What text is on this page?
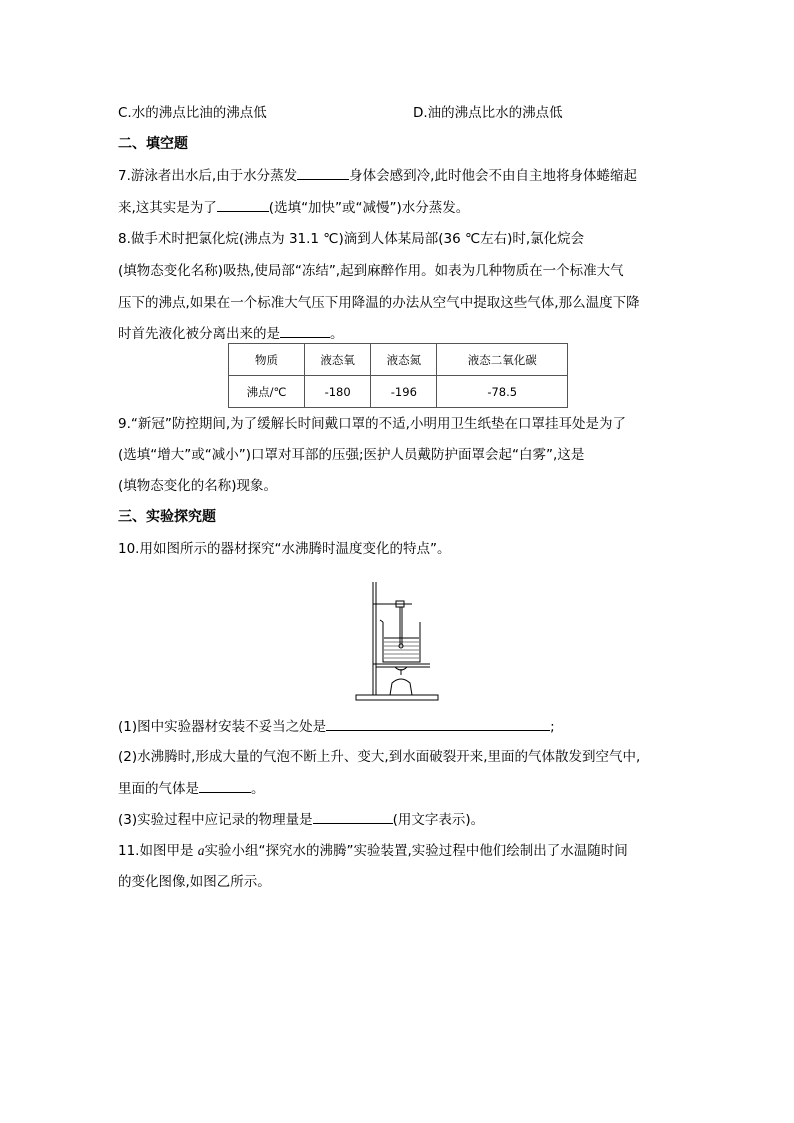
C.水的沸点比油的沸点低	D.油的沸点比水的沸点低
二、填空题
7.游泳者出水后,由于水分蒸发	身体会感到冷,此时他会不由自主地将身体蜷缩起
来,这其实是为了	(选填“加快”或“减慢”)水分蒸发。
8.做手术时把氯化烷(沸点为 31.1 ℃)滴到人体某局部(36 ℃左右)时,氯化烷会
(填物态变化名称)吸热,使局部“冻结”,起到麻醉作用。如表为几种物质在一个标准大气
压下的沸点,如果在一个标准大气压下用降温的办法从空气中提取这些气体,那么温度下降
时首先液化被分离出来的是	。
物质	液态氧	液态氮	液态二氧化碳
沸点/℃	-180	-196	-78.5
9.“新冠”防控期间,为了缓解长时间戴口罩的不适,小明用卫生纸垫在口罩挂耳处是为了
(选填“增大”或“减小”)口罩对耳部的压强;医护人员戴防护面罩会起“白雾”,这是
(填物态变化的名称)现象。
三、实验探究题
10.用如图所示的器材探究“水沸腾时温度变化的特点”。
(1)图中实验器材安装不妥当之处是	;
(2)水沸腾时,形成大量的气泡不断上升、变大,到水面破裂开来,里面的气体散发到空气中,
里面的气体是	。
(3)实验过程中应记录的物理量是	(用文字表示)。
11.如图甲是 a实验小组“探究水的沸腾”实验装置,实验过程中他们绘制出了水温随时间
的变化图像,如图乙所示。
